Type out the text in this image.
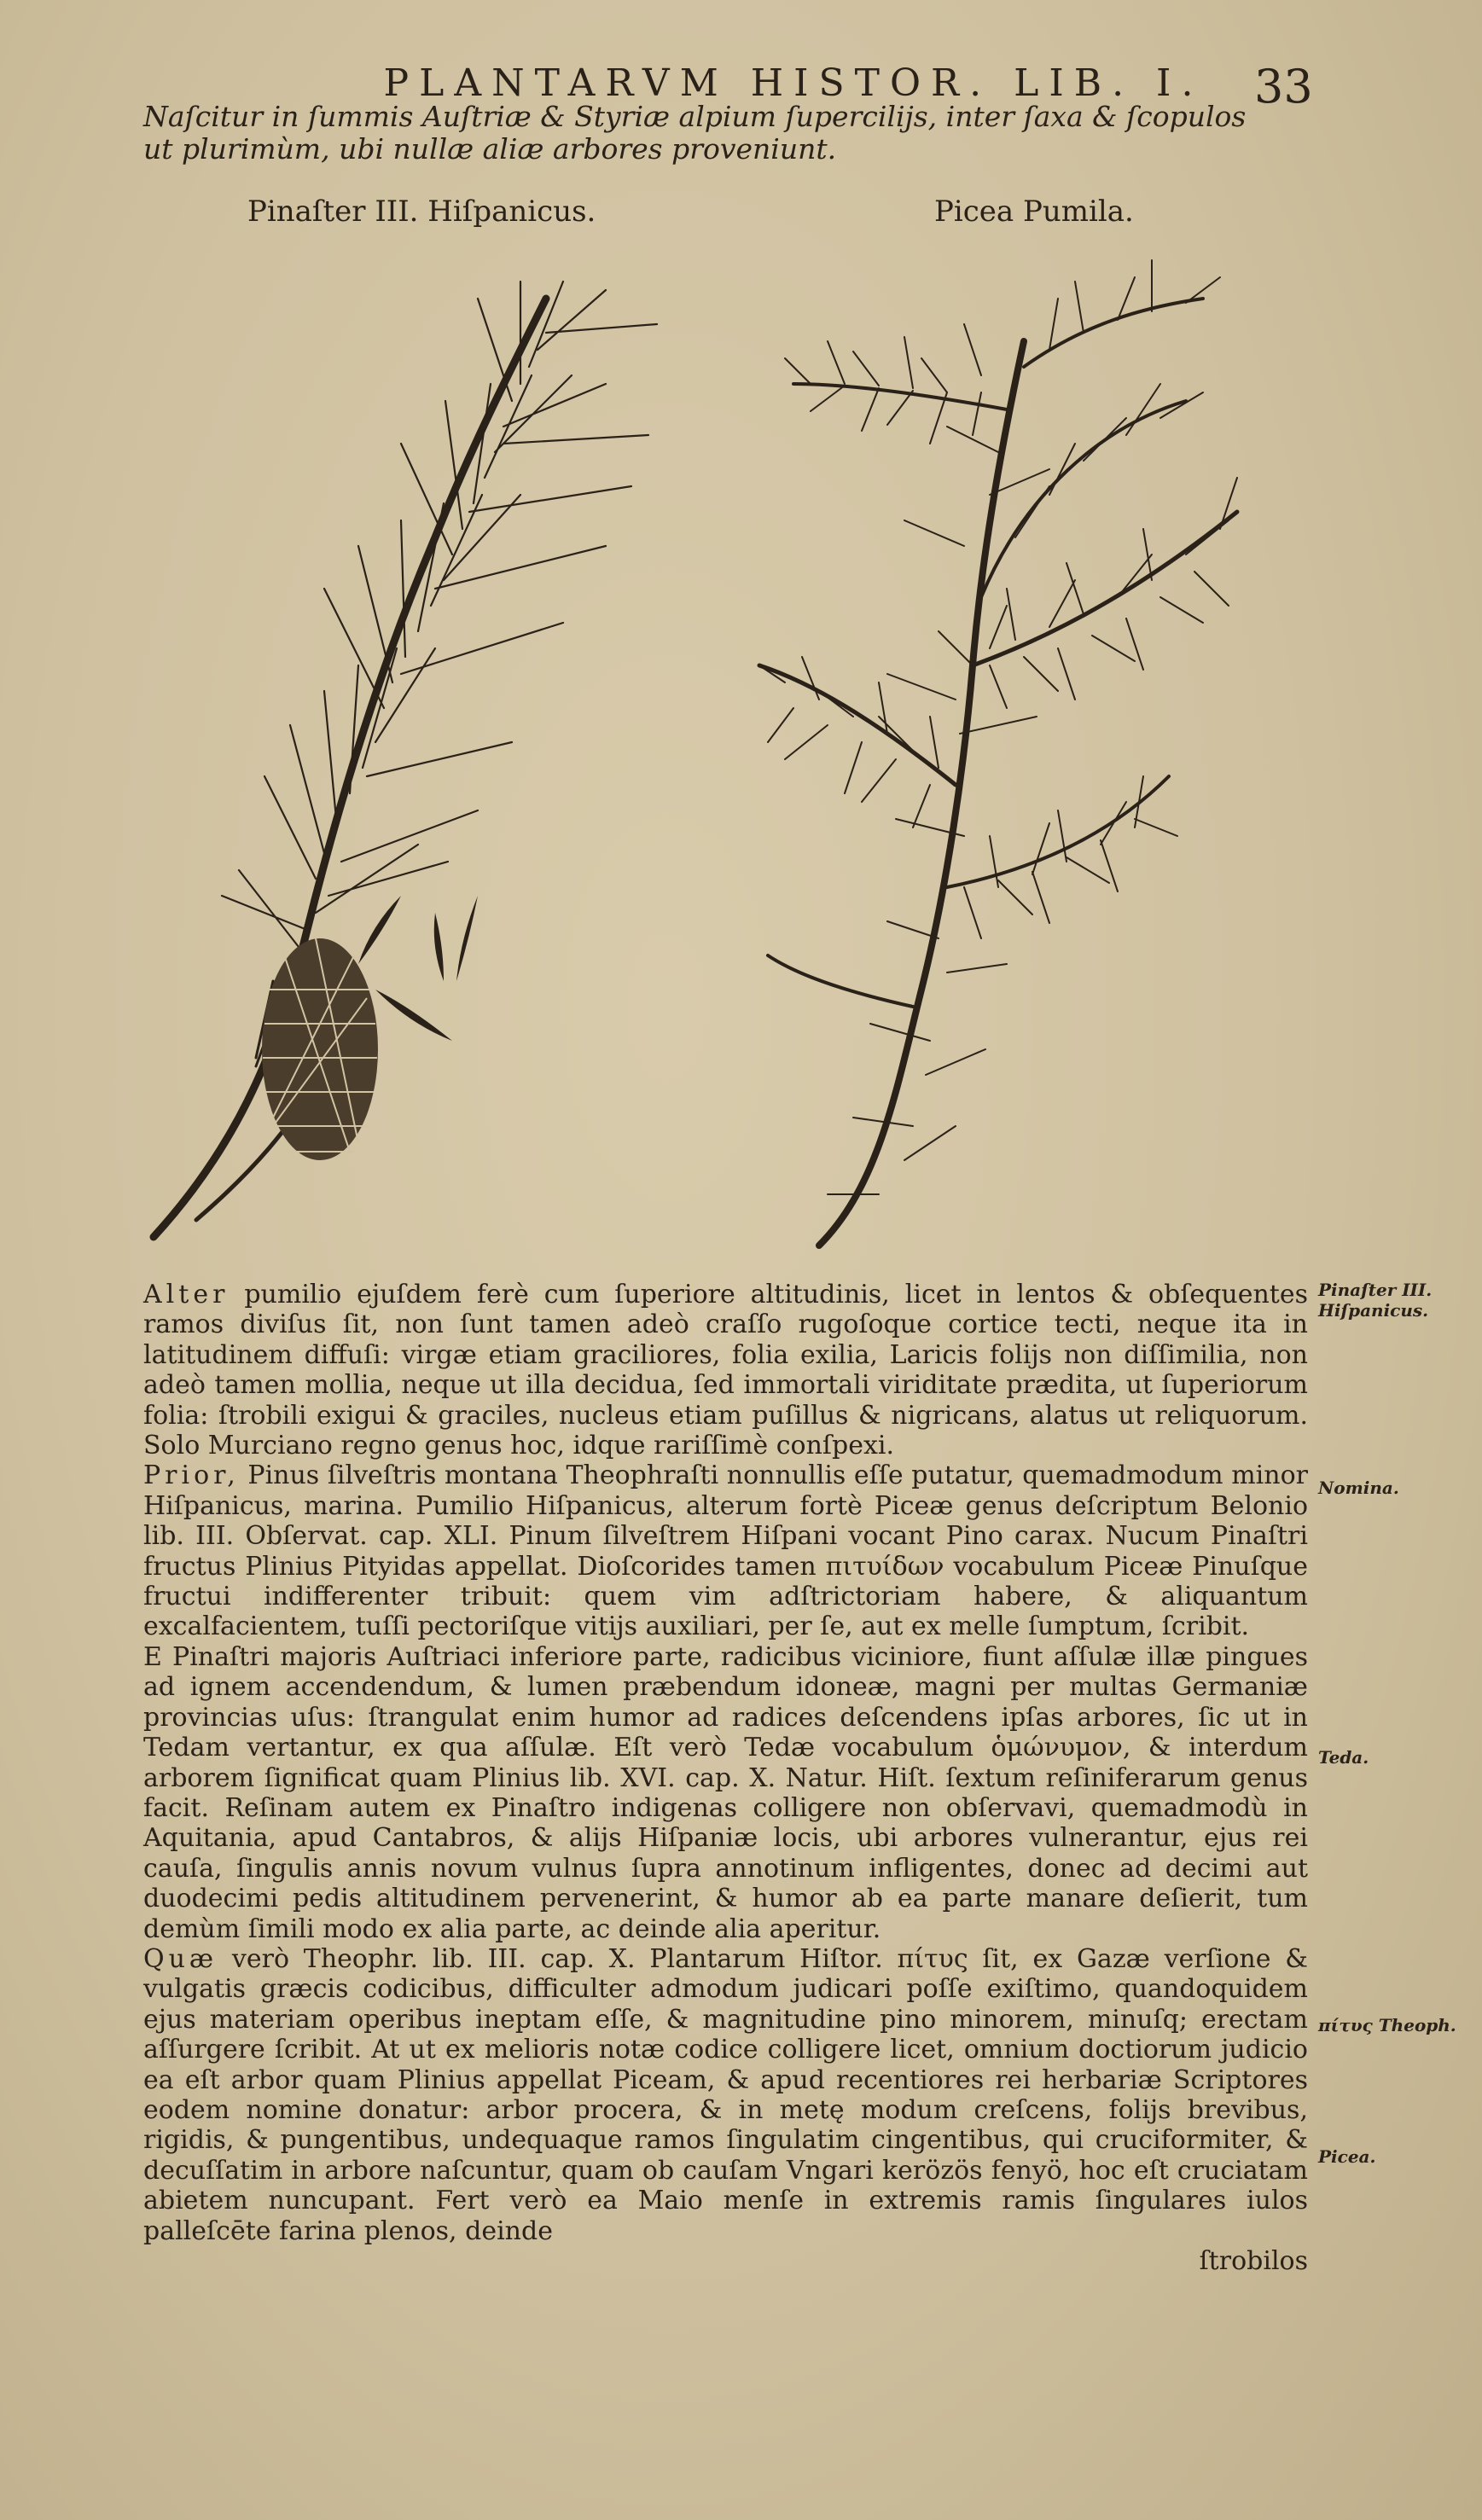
PLANTARVM HISTOR. LIB. I.	33
Naſcitur in ſummis Auſtriæ & Styriæ alpium ſupercilijs, inter ſaxa & ſcopulos ut plurimùm, ubi nullæ aliæ arbores proveniunt.
Pinaſter III. Hiſpanicus.	Picea Pumila.

Alter pumilio ejuſdem ferè cum ſuperiore altitudinis, licet in lentos & obſequentes ramos diviſus ſit, non ſunt tamen adeò craſſo rugoſoque cortice tecti, neque ita in latitudinem diffuſi: virgæ etiam graciliores, folia exilia, Laricis folijs non diſſimilia, non adeò tamen mollia, neque ut illa decidua, ſed immortali viriditate prædita, ut ſuperiorum folia: ſtrobili exigui & graciles, nucleus etiam puſillus & nigricans, alatus ut reliquorum. Solo Murciano regno genus hoc, idque rariſſimè conſpexi.

Prior, Pinus ſilveſtris montana Theophraſti nonnullis eſſe putatur, quemadmodum minor Hiſpanicus, marina. Pumilio Hiſpanicus, alterum fortè Piceæ genus deſcriptum Belonio lib. III. Obſervat. cap. XLI. Pinum ſilveſtrem Hiſpani vocant Pino carax. Nucum Pinaſtri fructus Plinius Pityidas appellat. Dioſcorides tamen πιτυίδων vocabulum Piceæ Pinuſque fructui indifferenter tribuit: quem vim adſtrictoriam habere, & aliquantum excalfacientem, tuſſi pectoriſque vitijs auxiliari, per ſe, aut ex melle ſumptum, ſcribit.

E Pinaſtri majoris Auſtriaci inferiore parte, radicibus viciniore, fiunt aſſulæ illæ pingues ad ignem accendendum, & lumen præbendum idoneæ, magni per multas Germaniæ provincias uſus: ſtrangulat enim humor ad radices deſcendens ipſas arbores, ſic ut in Tedam vertantur, ex qua aſſulæ. Eſt verò Tedæ vocabulum ὁμώνυμον, & interdum arborem ſignificat quam Plinius lib. XVI. cap. X. Natur. Hiſt. ſextum reſiniferarum genus facit. Reſinam autem ex Pinaſtro indigenas colligere non obſervavi, quemadmodù in Aquitania, apud Cantabros, & alijs Hiſpaniæ locis, ubi arbores vulnerantur, ejus rei cauſa, ſingulis annis novum vulnus ſupra annotinum infligentes, donec ad decimi aut duodecimi pedis altitudinem pervenerint, & humor ab ea parte manare deſierit, tum demùm ſimili modo ex alia parte, ac deinde alia aperitur.

Quæ verò Theophr. lib. III. cap. X. Plantarum Hiſtor. πίτυς ſit, ex Gazæ verſione & vulgatis græcis codicibus, difficulter admodum judicari poſſe exiſtimo, quandoquidem ejus materiam operibus ineptam eſſe, & magnitudine pino minorem, minuſq; erectam aſſurgere ſcribit. At ut ex melioris notæ codice colligere licet, omnium doctiorum judicio ea eſt arbor quam Plinius appellat Piceam, & apud recentiores rei herbariæ Scriptores eodem nomine donatur: arbor procera, & in metę modum creſcens, folijs brevibus, rigidis, & pungentibus, undequaque ramos ſingulatim cingentibus, qui cruciformiter, & decuſſatim in arbore naſcuntur, quam ob cauſam Vngari kerözös fenyö, hoc eſt cruciatam abietem nuncupant. Fert verò ea Maio menſe in extremis ramis ſingulares iulos palleſcēte farina plenos, deinde

ſtrobilos

Pinaſter III. Hiſpanicus.
Nomina.
Teda.
πίτυς Theoph.
Picea.
